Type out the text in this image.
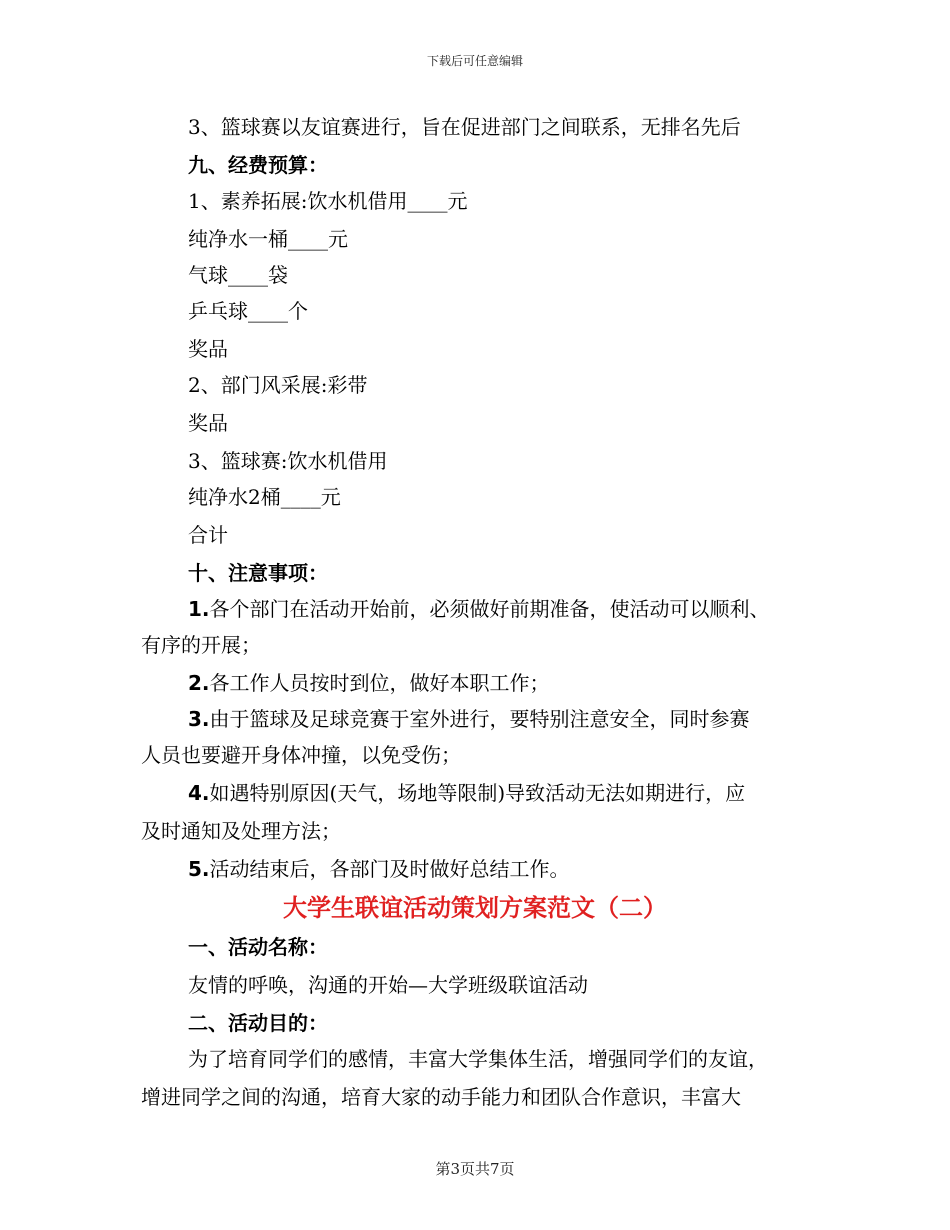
下载后可任意编辑
3、篮球赛以友谊赛进行，旨在促进部门之间联系，无排名先后
九、经费预算：
1、素养拓展:饮水机借用____元
纯净水一桶____元
气球____袋
乒乓球____个
奖品
2、部门风采展:彩带
奖品
3、篮球赛:饮水机借用
纯净水2桶____元
合计
十、注意事项：
1.各个部门在活动开始前，必须做好前期准备，使活动可以顺利、
有序的开展；
2.各工作人员按时到位，做好本职工作；
3.由于篮球及足球竞赛于室外进行，要特别注意安全，同时参赛
人员也要避开身体冲撞，以免受伤；
4.如遇特别原因(天气，场地等限制)导致活动无法如期进行，应
及时通知及处理方法；
5.活动结束后，各部门及时做好总结工作。
大学生联谊活动策划方案范文（二）
一、活动名称：
友情的呼唤，沟通的开始—大学班级联谊活动
二、活动目的：
为了培育同学们的感情，丰富大学集体生活，增强同学们的友谊，
增进同学之间的沟通，培育大家的动手能力和团队合作意识，丰富大
第3页共7页
